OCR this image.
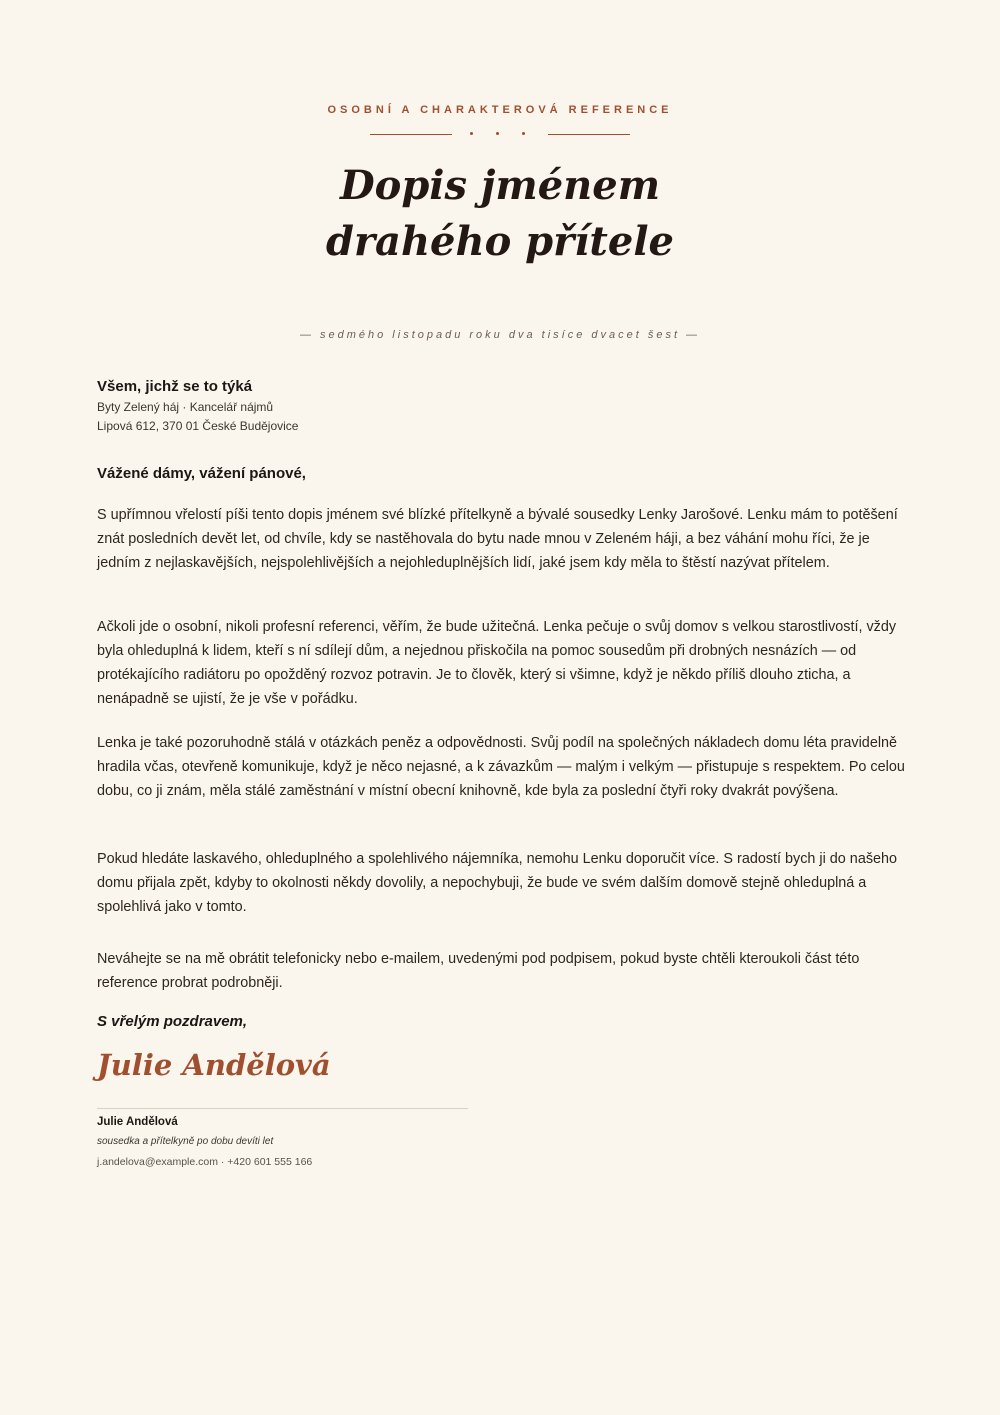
OSOBNÍ A CHARAKTEROVÁ REFERENCE
Dopis jménem
drahého přítele
— sedmého listopadu roku dva tisíce dvacet šest —
Všem, jichž se to týká
Byty Zelený háj · Kancelář nájmů
Lipová 612, 370 01 České Budějovice
Vážené dámy, vážení pánové,
S upřímnou vřelostí píši tento dopis jménem své blízké přítelkyně a bývalé sousedky Lenky Jarošové. Lenku mám to potěšení znát posledních devět let, od chvíle, kdy se nastěhovala do bytu nade mnou v Zeleném háji, a bez váhání mohu říci, že je jedním z nejlaskavějších, nejspolehlivějších a nejohleduplnějších lidí, jaké jsem kdy měla to štěstí nazývat přítelem.
Ačkoli jde o osobní, nikoli profesní referenci, věřím, že bude užitečná. Lenka pečuje o svůj domov s velkou starostlivostí, vždy byla ohleduplná k lidem, kteří s ní sdílejí dům, a nejednou přiskočila na pomoc sousedům při drobných nesnázích — od protékajícího radiátoru po opožděný rozvoz potravin. Je to člověk, který si všimne, když je někdo příliš dlouho zticha, a nenápadně se ujistí, že je vše v pořádku.
Lenka je také pozoruhodně stálá v otázkách peněz a odpovědnosti. Svůj podíl na společných nákladech domu léta pravidelně hradila včas, otevřeně komunikuje, když je něco nejasné, a k závazkům — malým i velkým — přistupuje s respektem. Po celou dobu, co ji znám, měla stálé zaměstnání v místní obecní knihovně, kde byla za poslední čtyři roky dvakrát povýšena.
Pokud hledáte laskavého, ohleduplného a spolehlivého nájemníka, nemohu Lenku doporučit více. S radostí bych ji do našeho domu přijala zpět, kdyby to okolnosti někdy dovolily, a nepochybuji, že bude ve svém dalším domově stejně ohleduplná a spolehlivá jako v tomto.
Neváhejte se na mě obrátit telefonicky nebo e-mailem, uvedenými pod podpisem, pokud byste chtěli kteroukoli část této reference probrat podrobněji.
S vřelým pozdravem,
Julie Andělová
Julie Andělová
sousedka a přítelkyně po dobu devíti let
j.andelova@example.com · +420 601 555 166
